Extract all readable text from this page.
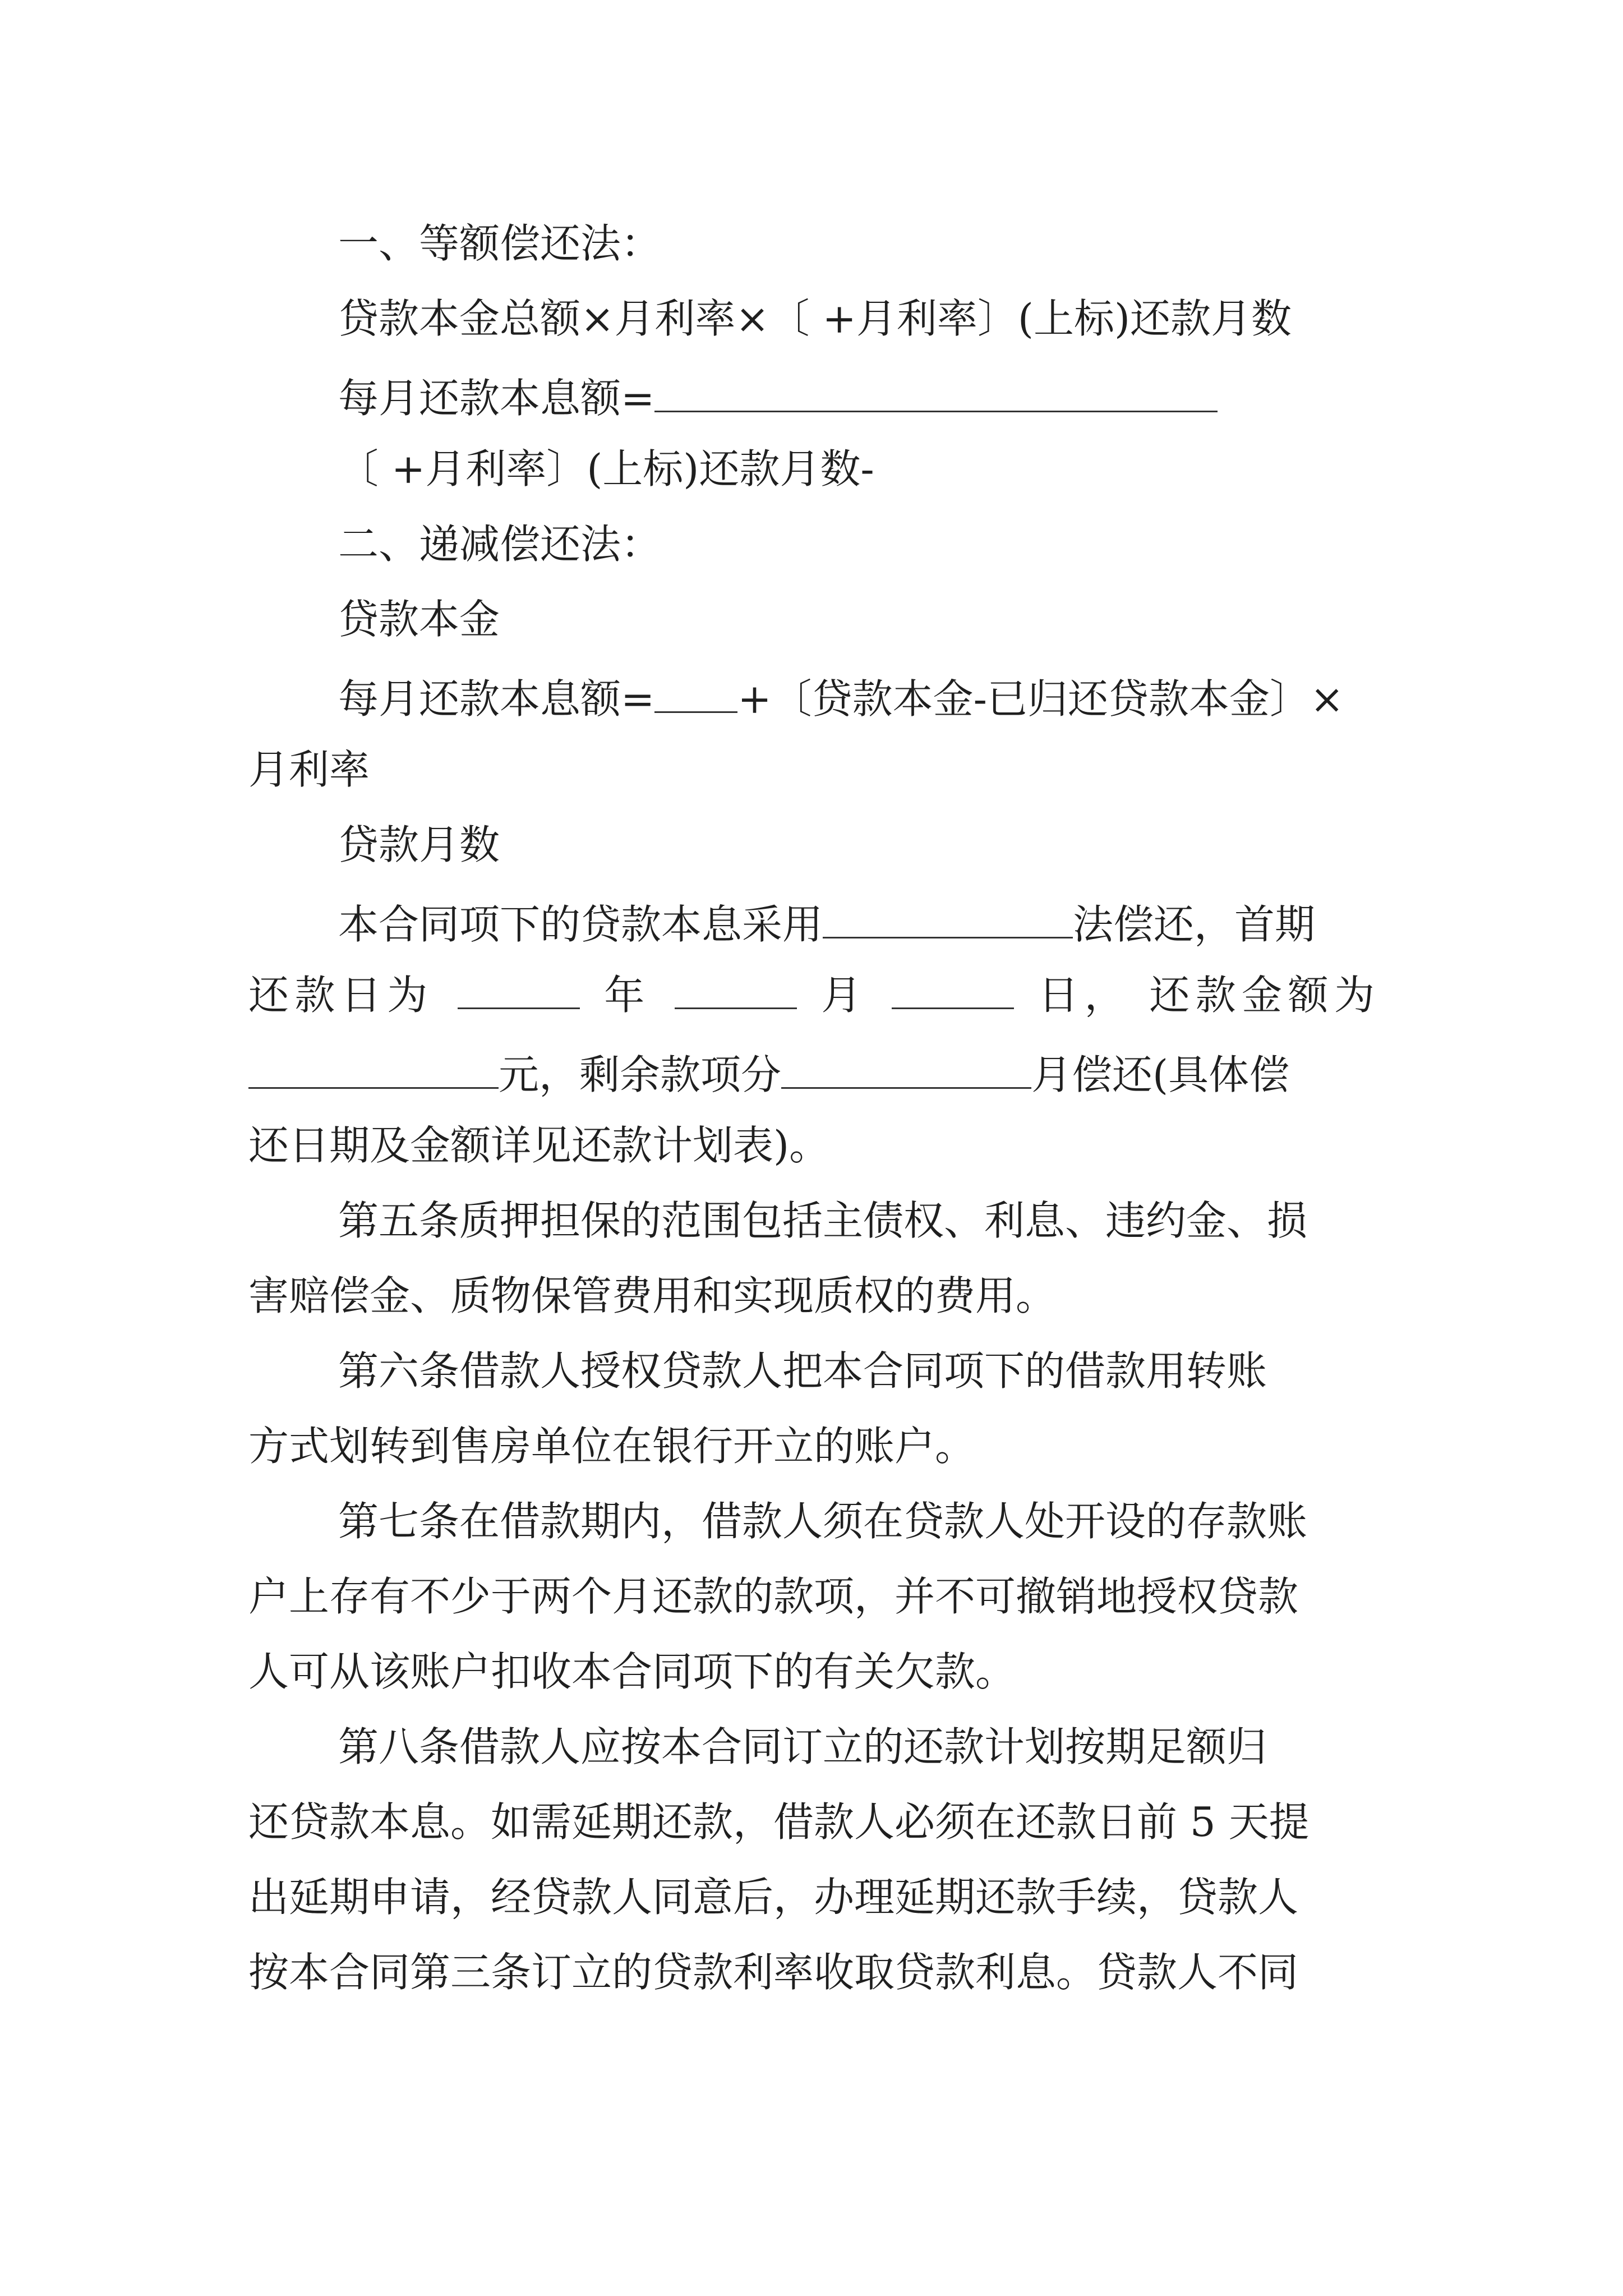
一、等额偿还法：
贷款本金总额×月利率×〔 +月利率〕(上标)还款月数
每月还款本息额=
〔 +月利率〕(上标)还款月数-
二、递减偿还法：
贷款本金
每月还款本息额= +〔贷款本金-已归还贷款本金〕×
月利率
贷款月数
本合同项下的贷款本息采用	法偿还，首期
还款日为	年	月	日， 还款金额为
元，剩余款项分	月偿还(具体偿
还日期及金额详见还款计划表)。
第五条质押担保的范围包括主债权、利息、违约金、损
害赔偿金、质物保管费用和实现质权的费用。
第六条借款人授权贷款人把本合同项下的借款用转账
方式划转到售房单位在银行开立的账户。
第七条在借款期内，借款人须在贷款人处开设的存款账
户上存有不少于两个月还款的款项，并不可撤销地授权贷款
人可从该账户扣收本合同项下的有关欠款。
第八条借款人应按本合同订立的还款计划按期足额归
还贷款本息。如需延期还款，借款人必须在还款日前 5 天提
出延期申请，经贷款人同意后，办理延期还款手续，贷款人
按本合同第三条订立的贷款利率收取贷款利息。贷款人不同
